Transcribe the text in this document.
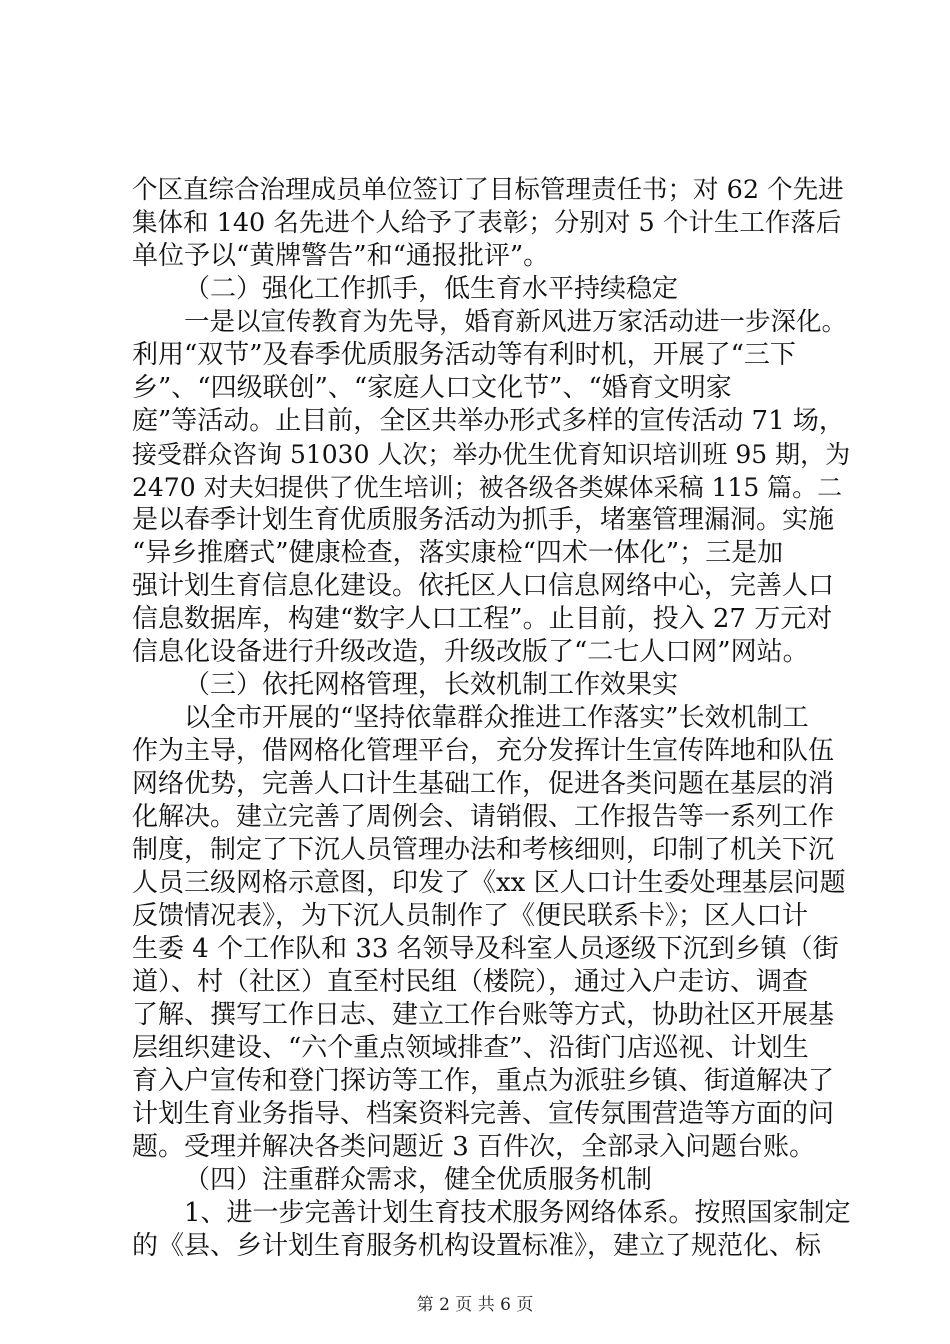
个区直综合治理成员单位签订了目标管理责任书；对 62 个先进
集体和 140 名先进个人给予了表彰；分别对 5 个计生工作落后
单位予以“黄牌警告”和“通报批评”。
（二）强化工作抓手，低生育水平持续稳定
一是以宣传教育为先导，婚育新风进万家活动进一步深化。
利用“双节”及春季优质服务活动等有利时机，开展了“三下
乡”、“四级联创”、“家庭人口文化节”、“婚育文明家
庭”等活动。止目前，全区共举办形式多样的宣传活动 71 场，
接受群众咨询 51030 人次；举办优生优育知识培训班 95 期，为
2470 对夫妇提供了优生培训；被各级各类媒体采稿 115 篇。二
是以春季计划生育优质服务活动为抓手，堵塞管理漏洞。实施
“异乡推磨式”健康检查，落实康检“四术一体化”；三是加
强计划生育信息化建设。依托区人口信息网络中心，完善人口
信息数据库，构建“数字人口工程”。止目前，投入 27 万元对
信息化设备进行升级改造，升级改版了“二七人口网”网站。
（三）依托网格管理，长效机制工作效果实
以全市开展的“坚持依靠群众推进工作落实”长效机制工
作为主导，借网格化管理平台，充分发挥计生宣传阵地和队伍
网络优势，完善人口计生基础工作，促进各类问题在基层的消
化解决。建立完善了周例会、请销假、工作报告等一系列工作
制度，制定了下沉人员管理办法和考核细则，印制了机关下沉
人员三级网格示意图，印发了《xx 区人口计生委处理基层问题
反馈情况表》，为下沉人员制作了《便民联系卡》；区人口计
生委 4 个工作队和 33 名领导及科室人员逐级下沉到乡镇（街
道）、村（社区）直至村民组（楼院），通过入户走访、调查
了解、撰写工作日志、建立工作台账等方式，协助社区开展基
层组织建设、“六个重点领域排查”、沿街门店巡视、计划生
育入户宣传和登门探访等工作，重点为派驻乡镇、街道解决了
计划生育业务指导、档案资料完善、宣传氛围营造等方面的问
题。受理并解决各类问题近 3 百件次，全部录入问题台账。
（四）注重群众需求，健全优质服务机制
1、进一步完善计划生育技术服务网络体系。按照国家制定
的《县、乡计划生育服务机构设置标准》，建立了规范化、标
第 2 页 共 6 页
